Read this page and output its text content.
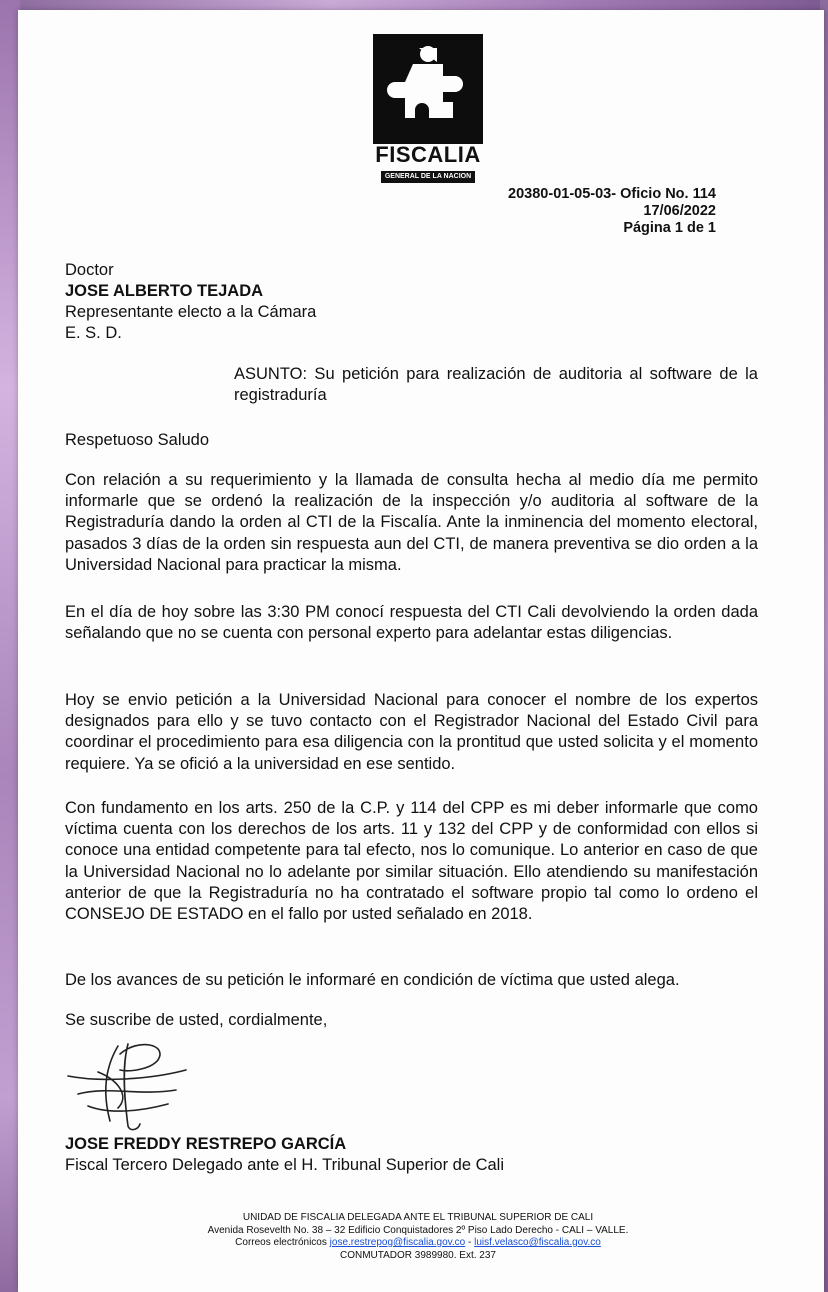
FISCALIA
GENERAL DE LA NACION
20380-01-05-03- Oficio No. 114
17/06/2022
Página 1 de 1
Doctor
JOSE ALBERTO TEJADA
Representante electo a la Cámara
E. S. D.
ASUNTO: Su petición para realización de auditoria al software de la registraduría
Respetuoso Saludo

Con relación a su requerimiento y la llamada de consulta hecha al medio día me permito informarle que se ordenó la realización de la inspección y/o auditoria al software de la Registraduría dando la orden al CTI de la Fiscalía. Ante la inminencia del momento electoral, pasados 3 días de la orden sin respuesta aun del CTI, de manera preventiva se dio orden a la Universidad Nacional para practicar la misma.

En el día de hoy sobre las 3:30 PM conocí respuesta del CTI Cali devolviendo la orden dada señalando que no se cuenta con personal experto para adelantar estas diligencias.

Hoy se envio petición a la Universidad Nacional para conocer el nombre de los expertos designados para ello y se tuvo contacto con el Registrador Nacional del Estado Civil para coordinar el procedimiento para esa diligencia con la prontitud que usted solicita y el momento requiere. Ya se ofició a la universidad en ese sentido.

Con fundamento en los arts. 250 de la C.P. y 114 del CPP es mi deber informarle que como víctima cuenta con los derechos de los arts. 11 y 132 del CPP y de conformidad con ellos si conoce una entidad competente para tal efecto, nos lo comunique. Lo anterior en caso de que la Universidad Nacional no lo adelante por similar situación. Ello atendiendo su manifestación anterior de que la Registraduría no ha contratado el software propio tal como lo ordeno el CONSEJO DE ESTADO en el fallo por usted señalado en 2018.

De los avances de su petición le informaré en condición de víctima que usted alega.

Se suscribe de usted, cordialmente,
JOSE FREDDY RESTREPO GARCÍA
Fiscal Tercero Delegado ante el H. Tribunal Superior de Cali
UNIDAD DE FISCALIA DELEGADA ANTE EL TRIBUNAL SUPERIOR DE CALI
Avenida Rosevelth No. 38 – 32 Edificio Conquistadores 2º Piso Lado Derecho - CALI – VALLE.
Correos electrónicos jose.restrepog@fiscalia.gov.co - luisf.velasco@fiscalia.gov.co
CONMUTADOR 3989980. Ext. 237
